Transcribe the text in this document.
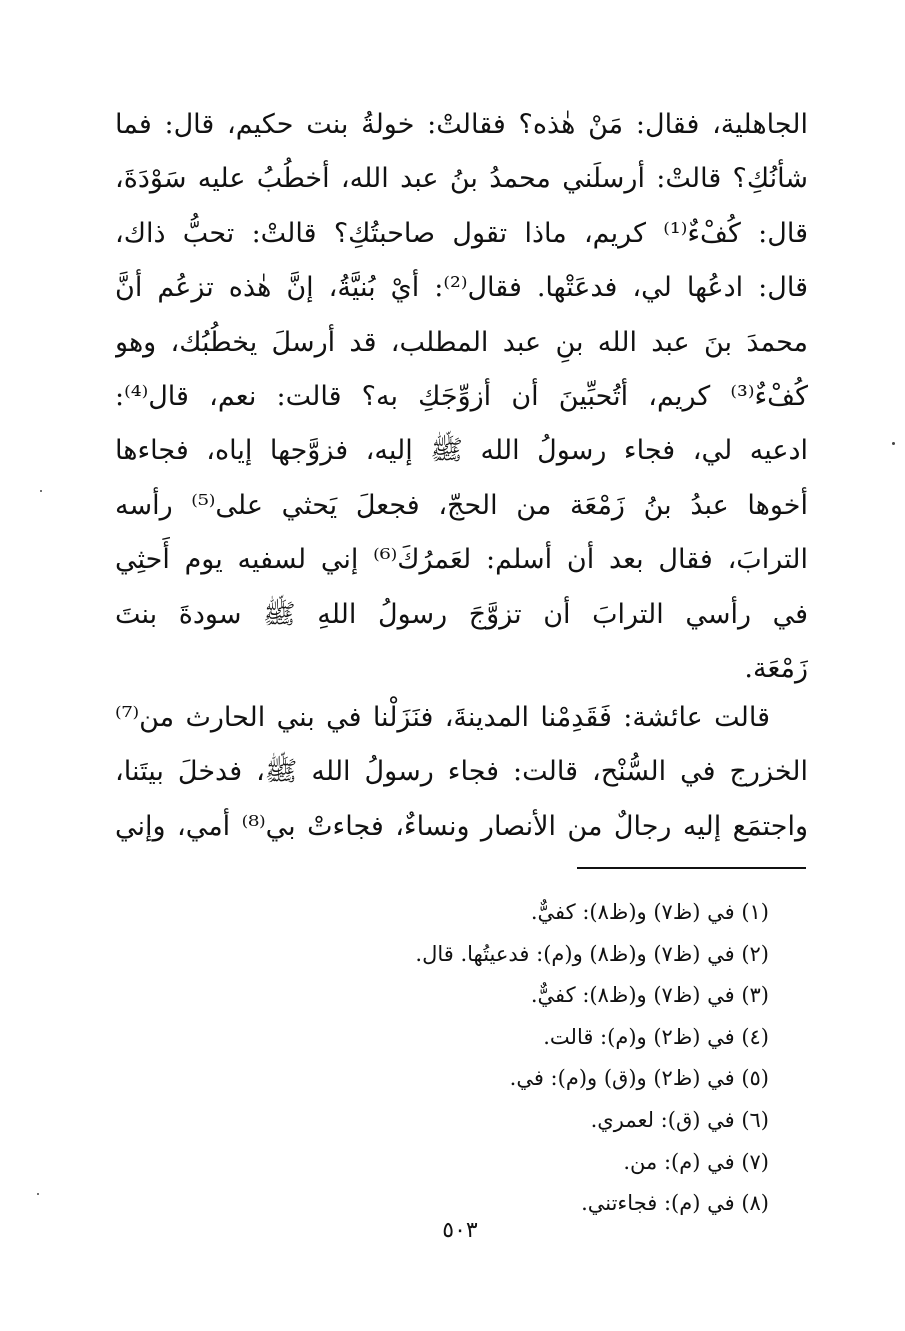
الجاهلية، فقال: مَنْ هٰذه؟ فقالتْ: خولةُ بنت حكيم، قال: فما
شأنُكِ؟ قالتْ: أرسلَني محمدُ بنُ عبد الله، أخطُبُ عليه سَوْدَةَ،
قال: كُفْءٌ⁽¹⁾ كريم، ماذا تقول صاحبتُكِ؟ قالتْ: تحبُّ ذاك،
قال: ادعُها لي، فدعَتْها. فقال⁽²⁾: أيْ بُنيَّةُ، إنَّ هٰذه تزعُم أنَّ
محمدَ بنَ عبد الله بنِ عبد المطلب، قد أرسلَ يخطُبُك، وهو
كُفْءٌ⁽³⁾ كريم، أتُحبِّينَ أن أزوِّجَكِ به؟ قالت: نعم، قال⁽⁴⁾:
ادعيه لي، فجاء رسولُ الله ﷺ إليه، فزوَّجها إياه، فجاءها
أخوها عبدُ بنُ زَمْعَة من الحجّ، فجعلَ يَحثي على⁽⁵⁾ رأسه
الترابَ، فقال بعد أن أسلم: لعَمرُكَ⁽⁶⁾ إني لسفيه يوم أَحثِي
في رأسي الترابَ أن تزوَّجَ رسولُ اللهِ ﷺ سودةَ بنتَ
زَمْعَة.
قالت عائشة: فَقَدِمْنا المدينةَ، فنَزَلْنا في بني الحارث من⁽⁷⁾
الخزرج في السُّنْح، قالت: فجاء رسولُ الله ﷺ، فدخلَ بيتَنا،
واجتمَع إليه رجالٌ من الأنصار ونساءٌ، فجاءتْ بي⁽⁸⁾ أمي، وإني
(١) في (ظ٧) و(ظ٨): كفيٌّ.
(٢) في (ظ٧) و(ظ٨) و(م): فدعيتُها. قال.
(٣) في (ظ٧) و(ظ٨): كفيٌّ.
(٤) في (ظ٢) و(م): قالت.
(٥) في (ظ٢) و(ق) و(م): في.
(٦) في (ق): لعمري.
(٧) في (م): من.
(٨) في (م): فجاءتني.
٥٠٣
